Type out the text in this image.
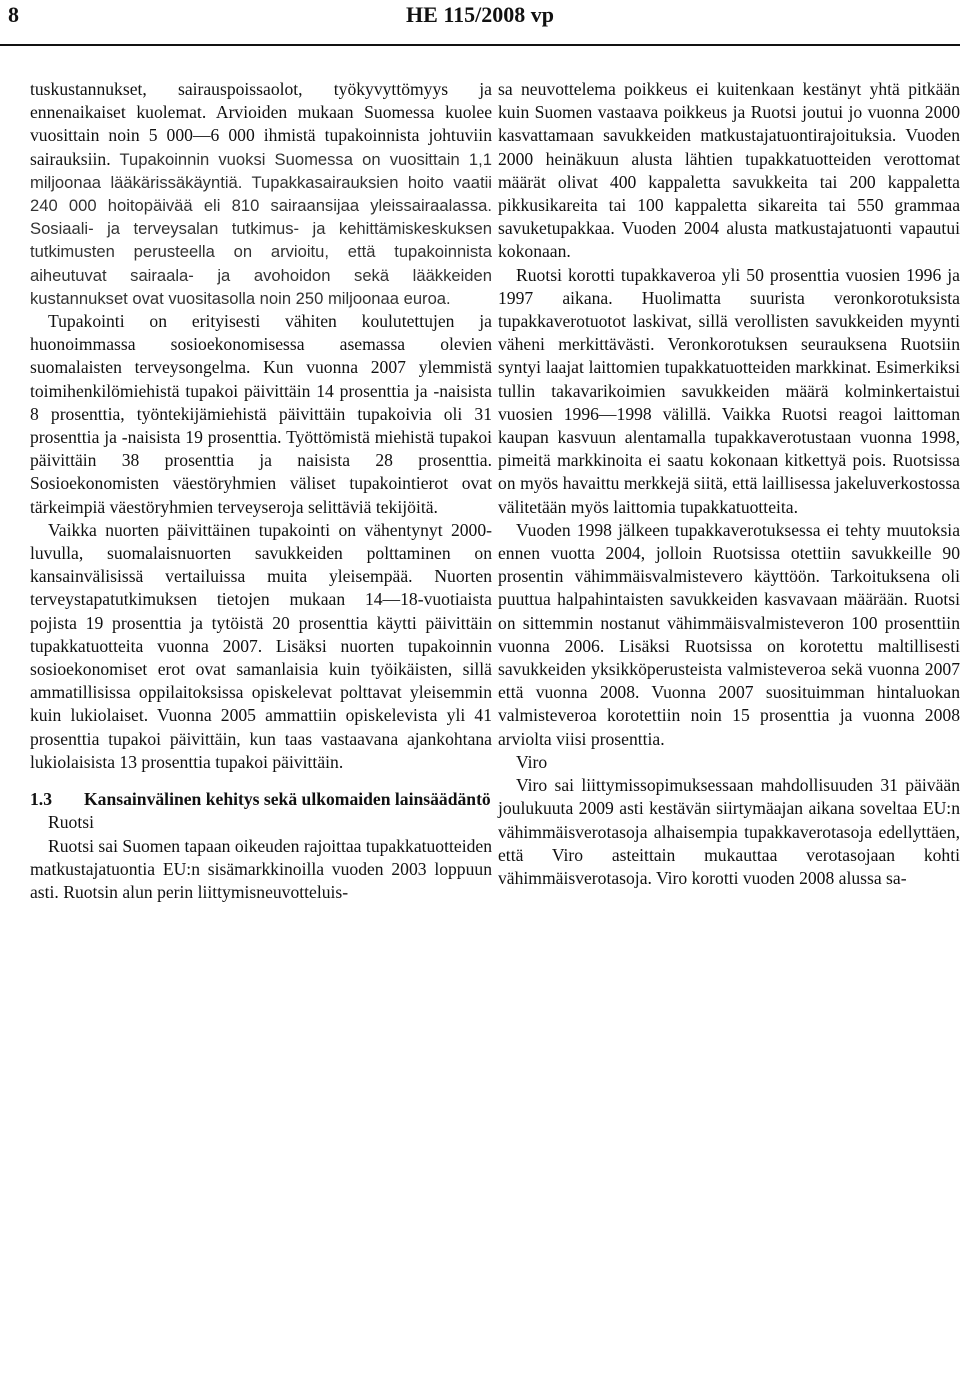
8	HE 115/2008 vp

tuskustannukset, sairauspoissaolot, työkyvyttömyys ja ennenaikaiset kuolemat. Arvioiden mukaan Suomessa kuolee vuosittain noin 5 000—6 000 ihmistä tupakoinnista johtuviin sairauksiin. Tupakoinnin vuoksi Suomessa on vuosittain 1,1 miljoonaa lääkärissäkäyntiä. Tupakkasairauksien hoito vaatii 240 000 hoitopäivää eli 810 sairaansijaa yleissairaalassa. Sosiaali- ja terveysalan tutkimus- ja kehittämiskeskuksen tutkimusten perusteella on arvioitu, että tupakoinnista aiheutuvat sairaala- ja avohoidon sekä lääkkeiden kustannukset ovat vuositasolla noin 250 miljoonaa euroa.

Tupakointi on erityisesti vähiten koulutettujen ja huonoimmassa sosioekonomisessa asemassa olevien suomalaisten terveysongelma. Kun vuonna 2007 ylemmistä toimihenkilömiehistä tupakoi päivittäin 14 prosenttia ja -naisista 8 prosenttia, työntekijämiehistä päivittäin tupakoivia oli 31 prosenttia ja -naisista 19 prosenttia. Työttömistä miehistä tupakoi päivittäin 38 prosenttia ja naisista 28 prosenttia. Sosioekonomisten väestöryhmien väliset tupakointierot ovat tärkeimpiä väestöryhmien terveyseroja selittäviä tekijöitä.

Vaikka nuorten päivittäinen tupakointi on vähentynyt 2000-luvulla, suomalaisnuorten savukkeiden polttaminen on kansainvälisissä vertailuissa muita yleisempää. Nuorten terveystapatutkimuksen tietojen mukaan 14—18-vuotiaista pojista 19 prosenttia ja tytöistä 20 prosenttia käytti päivittäin tupakkatuotteita vuonna 2007. Lisäksi nuorten tupakoinnin sosioekonomiset erot ovat samanlaisia kuin työikäisten, sillä ammatillisissa oppilaitoksissa opiskelevat polttavat yleisemmin kuin lukiolaiset. Vuonna 2005 ammattiin opiskelevista yli 41 prosenttia tupakoi päivittäin, kun taas vastaavana ajankohtana lukiolaisista 13 prosenttia tupakoi päivittäin.

1.3	Kansainvälinen kehitys sekä ulkomaiden lainsäädäntö

Ruotsi

Ruotsi sai Suomen tapaan oikeuden rajoittaa tupakkatuotteiden matkustajatuontia EU:n sisämarkkinoilla vuoden 2003 loppuun asti. Ruotsin alun perin liittymisneuvotteluis-

sa neuvottelema poikkeus ei kuitenkaan kestänyt yhtä pitkään kuin Suomen vastaava poikkeus ja Ruotsi joutui jo vuonna 2000 kasvattamaan savukkeiden matkustajatuontirajoituksia. Vuoden 2000 heinäkuun alusta lähtien tupakkatuotteiden verottomat määrät olivat 400 kappaletta savukkeita tai 200 kappaletta pikkusikareita tai 100 kappaletta sikareita tai 550 grammaa savuketupakkaa. Vuoden 2004 alusta matkustajatuonti vapautui kokonaan.

Ruotsi korotti tupakkaveroa yli 50 prosenttia vuosien 1996 ja 1997 aikana. Huolimatta suurista veronkorotuksista tupakkaverotuotot laskivat, sillä verollisten savukkeiden myynti väheni merkittävästi. Veronkorotuksen seurauksena Ruotsiin syntyi laajat laittomien tupakkatuotteiden markkinat. Esimerkiksi tullin takavarikoimien savukkeiden määrä kolminkertaistui vuosien 1996—1998 välillä. Vaikka Ruotsi reagoi laittoman kaupan kasvuun alentamalla tupakkaverotustaan vuonna 1998, pimeitä markkinoita ei saatu kokonaan kitkettyä pois. Ruotsissa on myös havaittu merkkejä siitä, että laillisessa jakeluverkostossa välitetään myös laittomia tupakkatuotteita.

Vuoden 1998 jälkeen tupakkaverotuksessa ei tehty muutoksia ennen vuotta 2004, jolloin Ruotsissa otettiin savukkeille 90 prosentin vähimmäisvalmisteverо käyttöön. Tarkoituksena oli puuttua halpahintaisten savukkeiden kasvavaan määrään. Ruotsi on sittemmin nostanut vähimmäisvalmisteveron 100 prosenttiin vuonna 2006. Lisäksi Ruotsissa on korotettu maltillisesti savukkeiden yksikköperusteista valmisteveroa sekä vuonna 2007 että vuonna 2008. Vuonna 2007 suosituimman hintaluokan valmisteveroa korotettiin noin 15 prosenttia ja vuonna 2008 arviolta viisi prosenttia.

Viro

Viro sai liittymissopimuksessaan mahdollisuuden 31 päivään joulukuuta 2009 asti kestävän siirtymäajan aikana soveltaa EU:n vähimmäisverotasoja alhaisempia tupakkaverotasoja edellyttäen, että Viro asteittain mukauttaa verotasojaan kohti vähimmäisverotasoja. Viro korotti vuoden 2008 alussa sa-
